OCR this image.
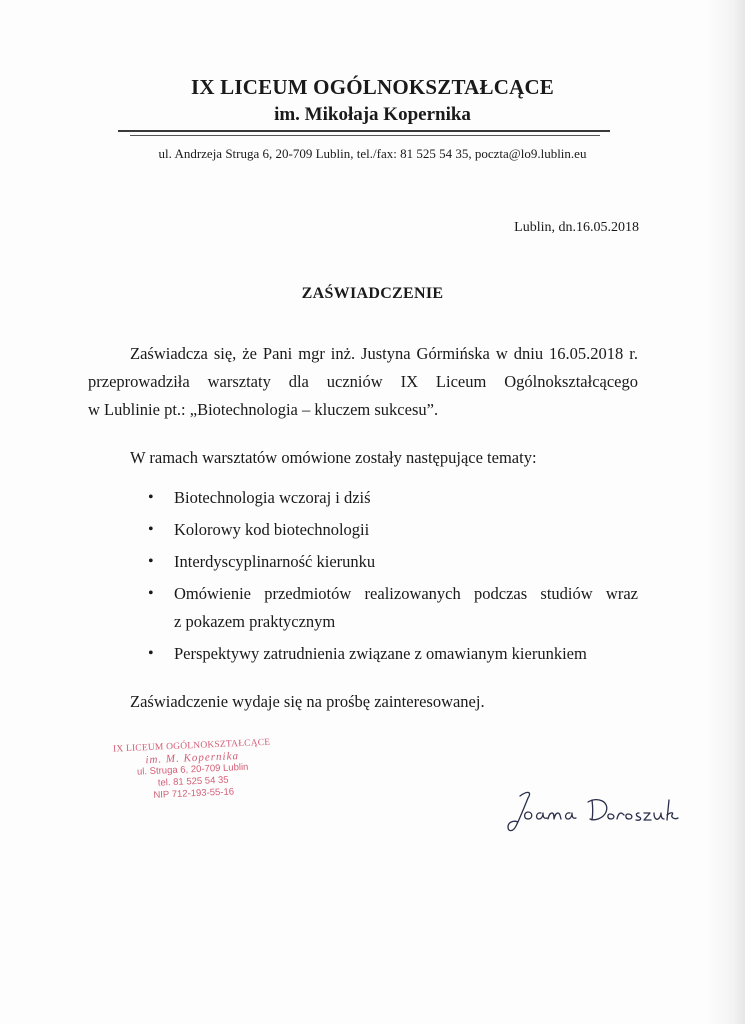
IX LICEUM OGÓLNOKSZTAŁCĄCE
im. Mikołaja Kopernika
ul. Andrzeja Struga 6, 20-709 Lublin, tel./fax: 81 525 54 35, poczta@lo9.lublin.eu
Lublin, dn.16.05.2018
ZAŚWIADCZENIE
Zaświadcza się, że Pani mgr inż. Justyna Górmińska w dniu 16.05.2018 r.
przeprowadziła warsztaty dla uczniów IX Liceum Ogólnokształcącego
w Lublinie pt.: „Biotechnologia – kluczem sukcesu”.
W ramach warsztatów omówione zostały następujące tematy:
• Biotechnologia wczoraj i dziś
• Kolorowy kod biotechnologii
• Interdyscyplinarność kierunku
• Omówienie przedmiotów realizowanych podczas studiów wraz
z pokazem praktycznym
• Perspektywy zatrudnienia związane z omawianym kierunkiem
Zaświadczenie wydaje się na prośbę zainteresowanej.
IX LICEUM OGÓLNOKSZTAŁCĄCE
im. M. Kopernika
ul. Struga 6, 20-709 Lublin
tel. 81 525 54 35
NIP 712-193-55-16
